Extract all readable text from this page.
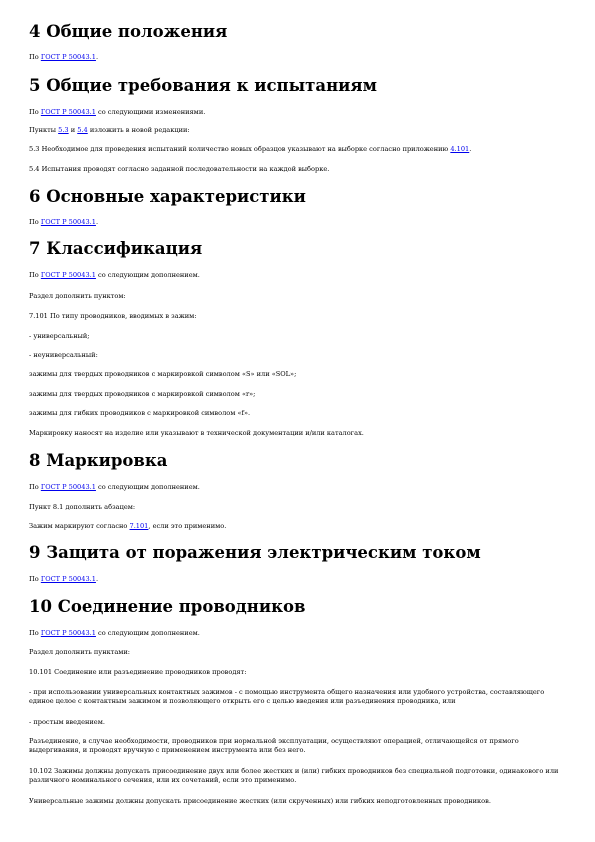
4 Общие положения

По ГОСТ Р 50043.1.

5 Общие требования к испытаниям

По ГОСТ Р 50043.1 со следующими изменениями.

Пункты 5.3 и 5.4 изложить в новой редакции:

5.3 Необходимое для проведения испытаний количество новых образцов указывают на выборке согласно приложению 4.101.

5.4 Испытания проводят согласно заданной последовательности на каждой выборке.

6 Основные характеристики

По ГОСТ Р 50043.1.

7 Классификация

По ГОСТ Р 50043.1 со следующим дополнением.

Раздел дополнить пунктом:

7.101 По типу проводников, вводимых в зажим:

- универсальный;

- неуниверсальный:

зажимы для твердых проводников с маркировкой символом «S» или «SOL»;

зажимы для твердых проводников с маркировкой символом «r»;

зажимы для гибких проводников с маркировкой символом «f».

Маркировку наносят на изделие или указывают в технической документации и/или каталогах.

8 Маркировка

По ГОСТ Р 50043.1 со следующим дополнением.

Пункт 8.1 дополнить абзацем:

Зажим маркируют согласно 7.101, если это применимо.

9 Защита от поражения электрическим током

По ГОСТ Р 50043.1.

10 Соединение проводников

По ГОСТ Р 50043.1 со следующим дополнением.

Раздел дополнить пунктами:

10.101 Соединение или разъединение проводников проводят:

- при использовании универсальных контактных зажимов - с помощью инструмента общего назначения или удобного устройства, составляющего единое целое с контактным зажимом и позволяющего открыть его с целью введения или разъединения проводника, или

- простым введением.

Разъединение, в случае необходимости, проводников при нормальной эксплуатации, осуществляют операцией, отличающейся от прямого выдергивания, и проводят вручную с применением инструмента или без него.

10.102 Зажимы должны допускать присоединение двух или более жестких и (или) гибких проводников без специальной подготовки, одинакового или различного номинального сечения, или их сочетаний, если это применимо.

Универсальные зажимы должны допускать присоединение жестких (или скрученных) или гибких неподготовленных проводников.
